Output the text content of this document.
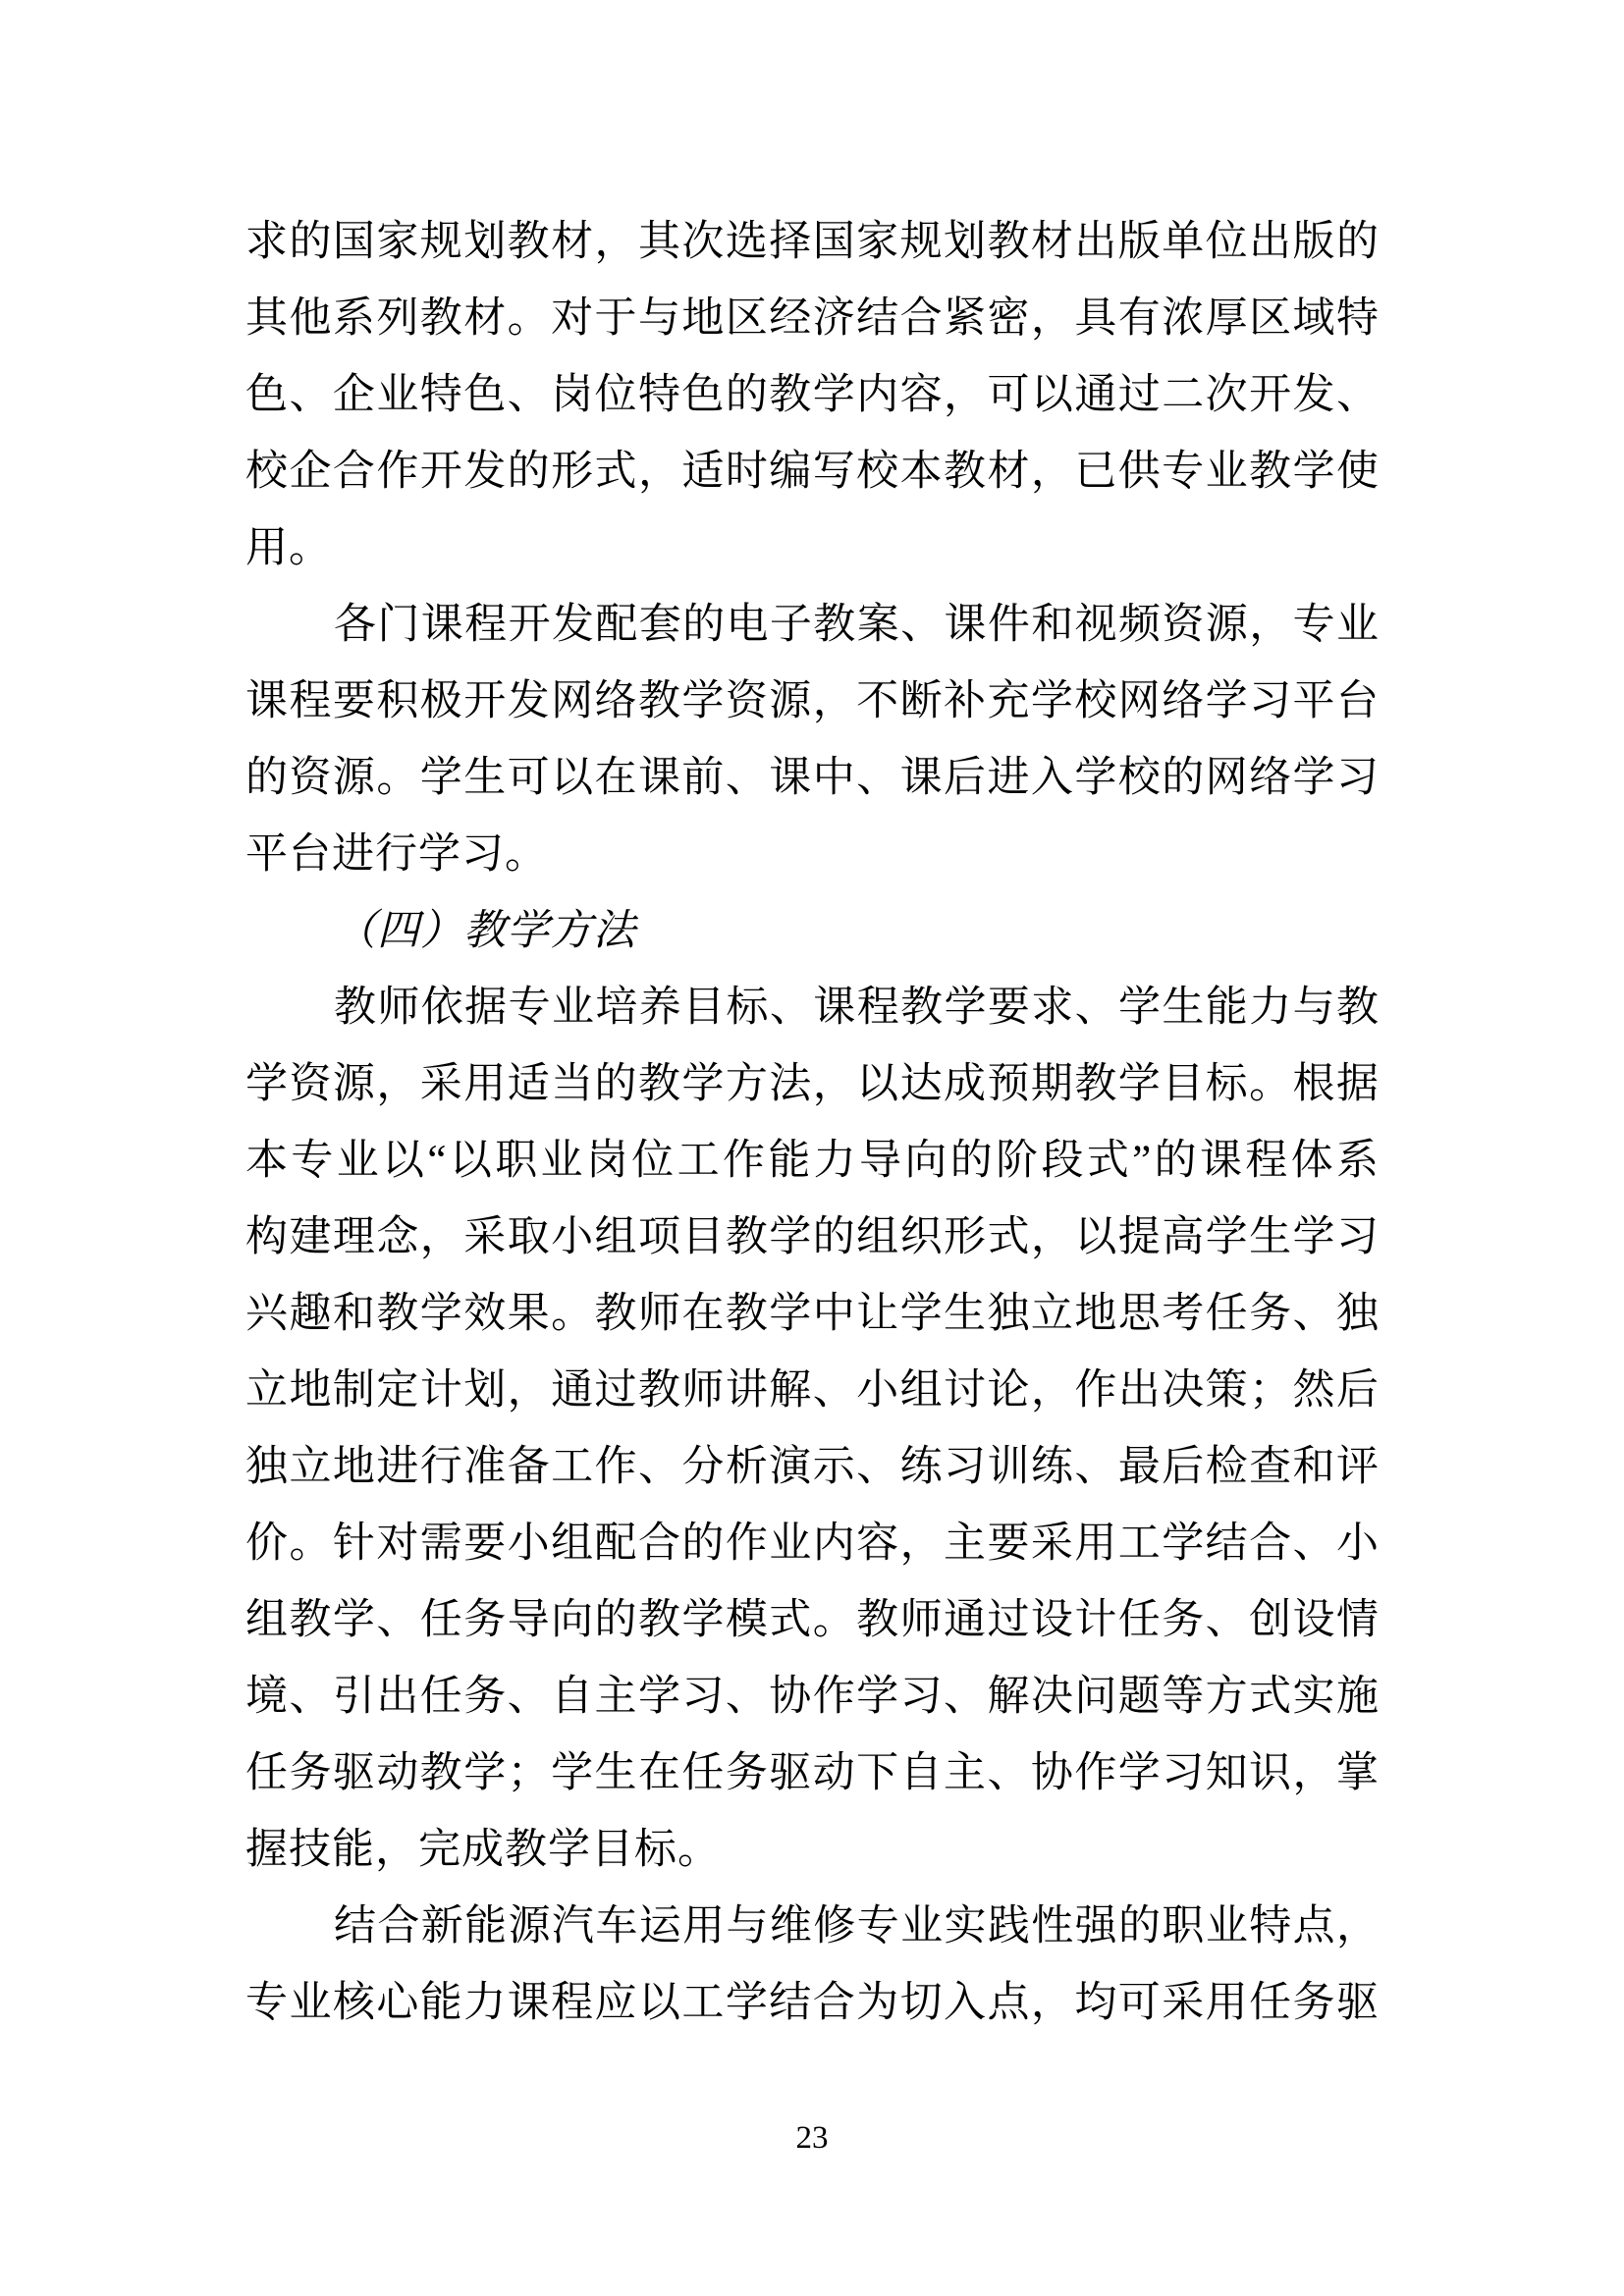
求的国家规划教材，其次选择国家规划教材出版单位出版的
其他系列教材。对于与地区经济结合紧密，具有浓厚区域特
色、企业特色、岗位特色的教学内容，可以通过二次开发、
校企合作开发的形式，适时编写校本教材，已供专业教学使
用。
各门课程开发配套的电子教案、课件和视频资源，专业
课程要积极开发网络教学资源，不断补充学校网络学习平台
的资源。学生可以在课前、课中、课后进入学校的网络学习
平台进行学习。
（四）教学方法
教师依据专业培养目标、课程教学要求、学生能力与教
学资源，采用适当的教学方法，以达成预期教学目标。根据
本专业以“以职业岗位工作能力导向的阶段式”的课程体系
构建理念，采取小组项目教学的组织形式，以提高学生学习
兴趣和教学效果。教师在教学中让学生独立地思考任务、独
立地制定计划，通过教师讲解、小组讨论，作出决策；然后
独立地进行准备工作、分析演示、练习训练、最后检查和评
价。针对需要小组配合的作业内容，主要采用工学结合、小
组教学、任务导向的教学模式。教师通过设计任务、创设情
境、引出任务、自主学习、协作学习、解决问题等方式实施
任务驱动教学；学生在任务驱动下自主、协作学习知识，掌
握技能，完成教学目标。
结合新能源汽车运用与维修专业实践性强的职业特点，
专业核心能力课程应以工学结合为切入点，均可采用任务驱
23
